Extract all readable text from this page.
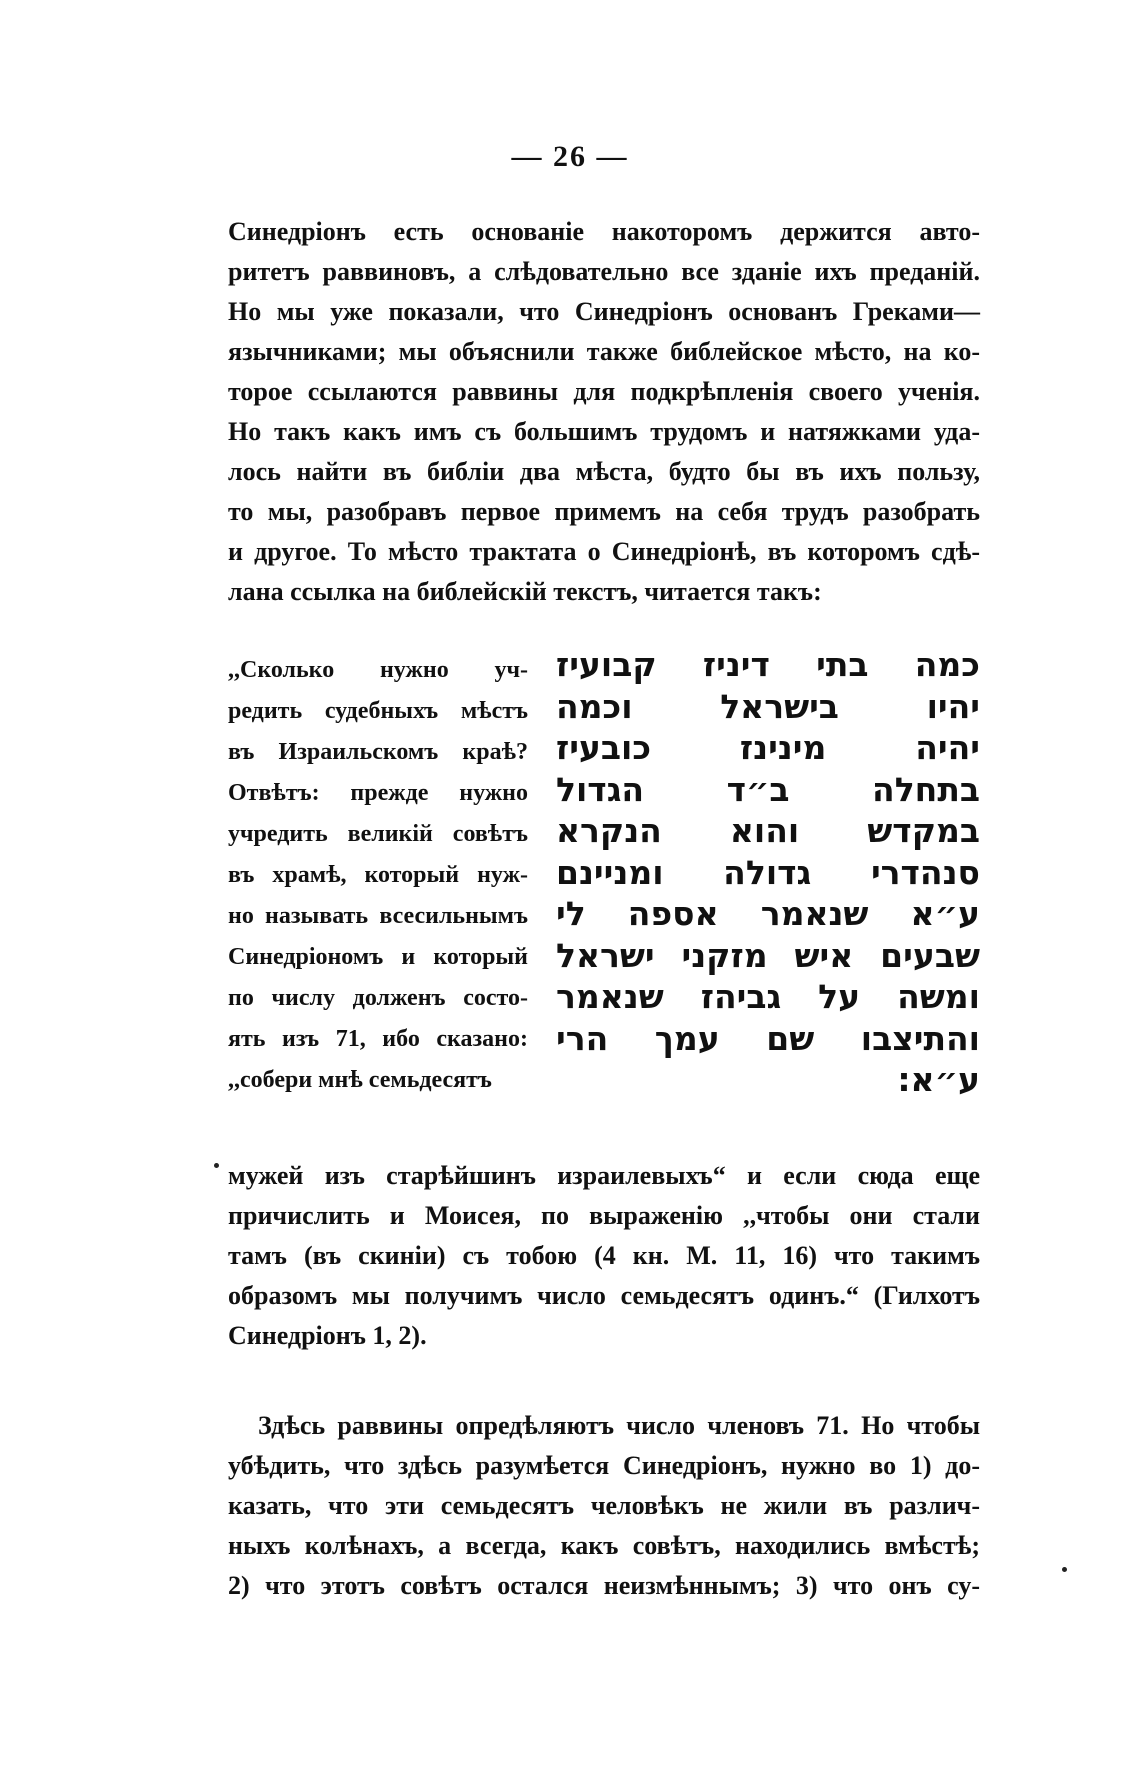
— 26 —
Синедріонъ есть основаніе накоторомъ держится авто-
ритетъ раввиновъ, а слѣдовательно все зданіе ихъ преданій.
Но мы уже показали, что Синедріонъ основанъ Греками—
язычниками; мы объяснили также библейское мѣсто, на ко-
торое ссылаются раввины для подкрѣпленія своего ученія.
Но такъ какъ имъ съ большимъ трудомъ и натяжками уда-
лось найти въ библіи два мѣста, будто бы въ ихъ пользу,
то мы, разобравъ первое примемъ на себя трудъ разобрать
и другое. То мѣсто трактата о Синедріонѣ, въ которомъ сдѣ-
лана ссылка на библейскій текстъ, читается такъ:
,,Сколько нужно уч-
редить судебныхъ мѣстъ
въ Израильскомъ краѣ?
Отвѣтъ: прежде нужно
учредить великій совѣтъ
въ храмѣ, который нуж-
но называть всесильнымъ
Синедріономъ и который
по числу долженъ состо-
ять изъ 71, ибо сказано:
,,собери мнѣ семьдесятъ
כמה בתי דיניז קבועיז
יהיו בישראל וכמה
יהיה מינינז כובעיז
בתחלה ב״ד הגדול
במקדש והוא הנקרא
סנהדרי גדולה ומניינם
ע״א שנאמר אספה לי
שבעים איש מזקני ישראל
ומשה על גביהז שנאמר
והתיצבו שם עמך הרי
ע״א:
мужей изъ старѣйшинъ израилевыхъ“ и если сюда еще
причислить и Моисея, по выраженію ,,чтобы они стали
тамъ (въ скиніи) съ тобою (4 кн. М. 11, 16) что такимъ
образомъ мы получимъ число семьдесятъ одинъ.“ (Гилхотъ
Синедріонъ 1, 2).
Здѣсь раввины опредѣляютъ число членовъ 71. Но чтобы
убѣдить, что здѣсь разумѣется Синедріонъ, нужно во 1) до-
казать, что эти семьдесятъ человѣкъ не жили въ различ-
ныхъ колѣнахъ, а всегда, какъ совѣтъ, находились вмѣстѣ;
2) что этотъ совѣтъ остался неизмѣннымъ; 3) что онъ су-
